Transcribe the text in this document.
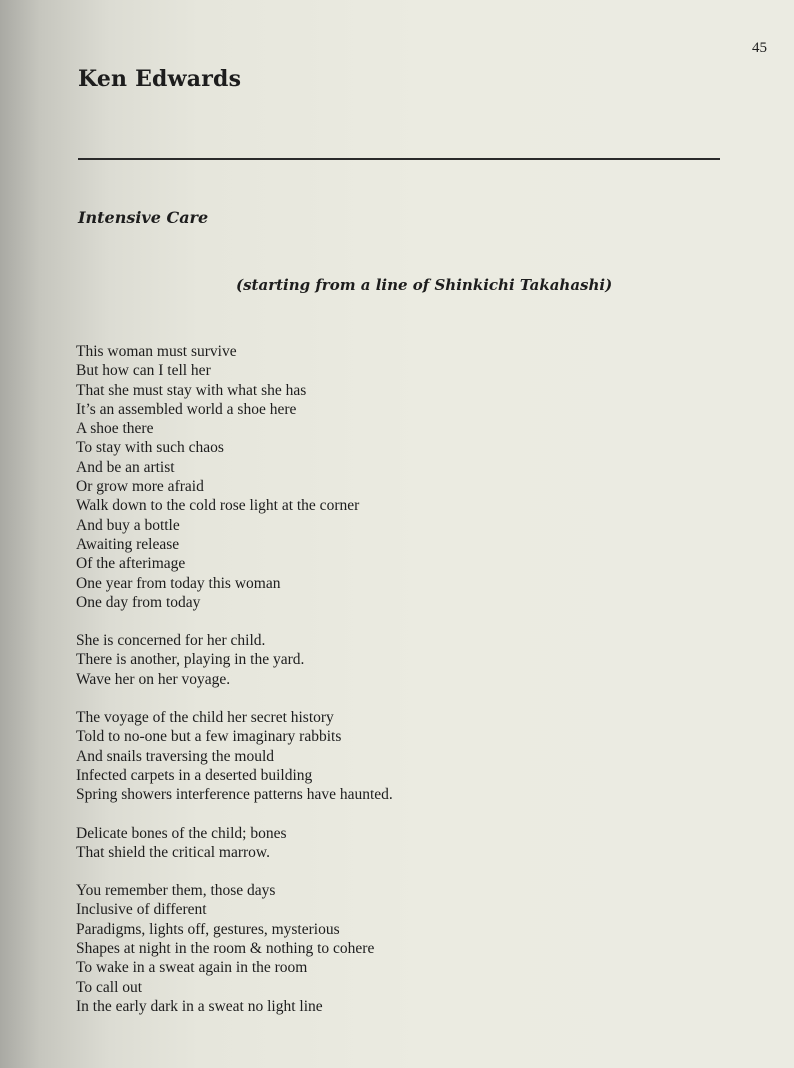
45
Ken Edwards
Intensive Care
(starting from a line of Shinkichi Takahashi)
This woman must survive
But how can I tell her
That she must stay with what she has
It’s an assembled world a shoe here
A shoe there
To stay with such chaos
And be an artist
Or grow more afraid
Walk down to the cold rose light at the corner
And buy a bottle
Awaiting release
Of the afterimage
One year from today this woman
One day from today
She is concerned for her child.
There is another, playing in the yard.
Wave her on her voyage.
The voyage of the child her secret history
Told to no-one but a few imaginary rabbits
And snails traversing the mould
Infected carpets in a deserted building
Spring showers interference patterns have haunted.
Delicate bones of the child; bones
That shield the critical marrow.
You remember them, those days
Inclusive of different
Paradigms, lights off, gestures, mysterious
Shapes at night in the room & nothing to cohere
To wake in a sweat again in the room
To call out
In the early dark in a sweat no light line
